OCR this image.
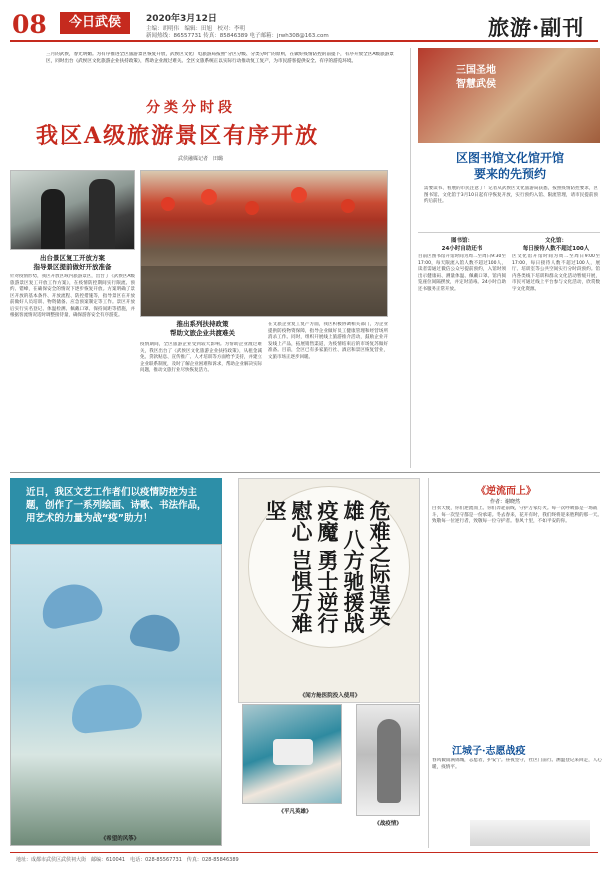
08	今日武侯	2020年3月12日
主编：胡明伟　编辑：田旭　校对：李明
新闻热线：86557731 传真：85846389 电子邮箱：jrwh308@163.com	旅游·副刊
三月的武侯，春光明媚。为有序推进全区旅游景区恢复开放，武侯区文化广电旅游局按照“分区分级、分类分时”的原则，在做好疫情防控的前提下，有序开放全区A级旅游景区，同时出台《武侯区文化旅游企业扶持政策》，帮助企业渡过难关。全区文旅系统正以实际行动推动复工复产，为市民游客提供安全、有序的游览环境。
分类分时段
我区A级旅游景区有序开放
武侯融媒记者　田璐
出台景区复工开放方案
指导景区提前做好开放准备
推出系列扶持政策
帮助文旅企业共渡难关
针对疫情形势，我区开放区域内旅游景区，出台了《武侯区A级旅游景区复工开放工作方案》，在疫情防控期间实行限流、预约、错峰，在确保安全的情况下逐步恢复开放。方案明确了景区开放的基本条件、开放流程、防控措施等，指导景区在开放前做好人员培训、物资储备、应急预案制定等工作。景区开放后实行实名登记、体温检测、佩戴口罩、保持间距等措施，并根据客流情况适时调整接待量，确保游客安全有序游览。
疫情期间，全区旅游企业受到较大影响。为帮助企业渡过难关，我区出台了《武侯区文化旅游企业扶持政策》，从租金减免、贷款贴息、宣传推广、人才培训等方面给予支持，并建立企业联系制度，及时了解企业困难和诉求，帮助企业解决实际问题，推动文旅行业尽快恢复活力。
在文旅企业复工复产方面，我区积极协调相关部门，为企业提供防疫物资保障，指导企业做好员工健康管理和经营场所消杀工作。同时，组织开展线上旅游推介活动，鼓励企业开发线上产品，拓展销售渠道，为疫情结束后的市场复苏做好准备。目前，全区已有多家旅行社、酒店和景区恢复营业，文旅市场正逐步回暖。
三国圣地
智慧武侯
区图书馆文化馆开馆
要来的先预约
需要读书、看展的市民注意了！记者从武侯区文化旅游局获悉，按照疫情防控要求，区图书馆、文化馆于3月10日起有序恢复开放，实行预约入馆、限流管理，请市民提前预约后前往。
图书馆：
24小时自助还书
目前区图书馆开馆时间为周二至周日9:30至17:00，每天限流入馆人数不超过100人，读者需通过微信公众号提前预约，入馆时须出示健康码、测量体温、佩戴口罩。馆内阅览座位间隔摆放，并定时消毒。24小时自助还书服务正常开放。
文化馆：
每日接待人数不超过100人
区文化馆开馆时间为周二至周日9:00至17:00，每日接待人数不超过100人，展厅、培训室等公共空间实行分时段预约。馆内各类线下培训和群众文化活动暂缓开展，市民可通过线上平台参与文化活动，欣赏数字文化资源。
近日，我区文艺工作者们以疫情防控为主题，创作了一系列绘画、诗歌、书法作品，用艺术的力量为战“疫”助力！
《希望的风筝》
危难之际逞英雄 八方驰援战疫魔 勇士逆行慰心 岂惧万难坚
《闻方舱医院投入使用》
《平凡英雄》
《战疫情》
《逆流而上》
作者：谢晓然
白衣天使，你们逆流而上。你们奔赴前线，守护万家灯火。每一次呼吸都是一场战斗，每一次坚守都是一份承诺。冬去春来，花开有时，我们终将迎来胜利的那一天。致敬每一位逆行者，致敬每一位守护者。春风十里，不如平安的你。
江城子·志愿战疫
春风微雨满锦城，志愿者，护安宁。昼夜坚守，社区门前行。测温登记来回走，人心暖，疫情平。
地址：成都市武侯区武侯祠大街　邮编：610041　电话：028-85567731　传真：028-85846389
